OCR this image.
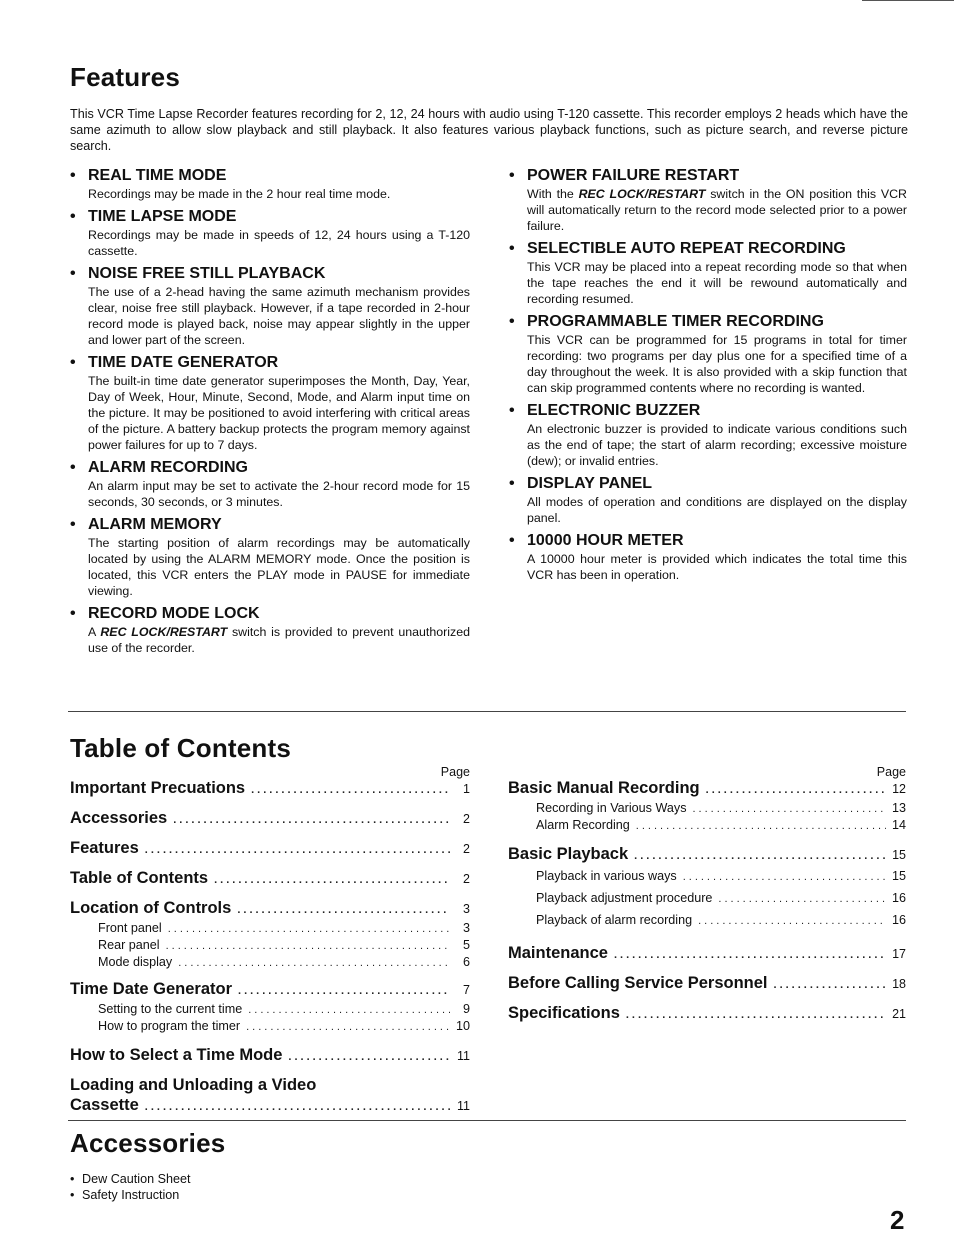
Features

This VCR Time Lapse Recorder features recording for 2, 12, 24 hours with audio using T-120 cassette. This recorder employs 2 heads which have the same azimuth to allow slow playback and still playback. It also features various playback functions, such as picture search, and reverse picture search.

• REAL TIME MODE

Recordings may be made in the 2 hour real time mode.

• TIME LAPSE MODE

Recordings may be made in speeds of 12, 24 hours using a T-120 cassette.

• NOISE FREE STILL PLAYBACK

The use of a 2-head having the same azimuth mechanism provides clear, noise free still playback. However, if a tape recorded in 2-hour record mode is played back, noise may appear slightly in the upper and lower part of the screen.

• TIME DATE GENERATOR

The built-in time date generator superimposes the Month, Day, Year, Day of Week, Hour, Minute, Second, Mode, and Alarm input time on the picture. It may be positioned to avoid interfering with critical areas of the picture. A battery backup protects the program memory against power failures for up to 7 days.

• ALARM RECORDING

An alarm input may be set to activate the 2-hour record mode for 15 seconds, 30 seconds, or 3 minutes.

• ALARM MEMORY

The starting position of alarm recordings may be automatically located by using the ALARM MEMORY mode. Once the position is located, this VCR enters the PLAY mode in PAUSE for immediate viewing.

• RECORD MODE LOCK

A REC LOCK/RESTART switch is provided to prevent unauthorized use of the recorder.

• POWER FAILURE RESTART

With the REC LOCK/RESTART switch in the ON position this VCR will automatically return to the record mode selected prior to a power failure.

• SELECTIBLE AUTO REPEAT RECORDING

This VCR may be placed into a repeat recording mode so that when the tape reaches the end it will be rewound automatically and recording resumed.

• PROGRAMMABLE TIMER RECORDING

This VCR can be programmed for 15 programs in total for timer recording: two programs per day plus one for a specified time of a day throughout the week. It is also provided with a skip function that can skip programmed contents where no recording is wanted.

• ELECTRONIC BUZZER

An electronic buzzer is provided to indicate various conditions such as the end of tape; the start of alarm recording; excessive moisture (dew); or invalid entries.

• DISPLAY PANEL

All modes of operation and conditions are displayed on the display panel.

• 10000 HOUR METER

A 10000 hour meter is provided which indicates the total time this VCR has been in operation.

Table of Contents
Page
Important Precuations .....	1
Accessories .....	2
Features .....	2
Table of Contents .....	2
Location of Controls .....	3
Front panel .....	3
Rear panel .....	5
Mode display .....	6
Time Date Generator .....	7
Setting to the current time .....	9
How to program the timer .....	10
How to Select a Time Mode .....	11
Loading and Unloading a Video
Cassette .....	11
Page
Basic Manual Recording .....	12
Recording in Various Ways .....	13
Alarm Recording .....	14
Basic Playback .....	15
Playback in various ways .....	15
Playback adjustment procedure .....	16
Playback of alarm recording .....	16
Maintenance .....	17
Before Calling Service Personnel .....	18
Specifications .....	21
Accessories
• Dew Caution Sheet
• Safety Instruction
2
